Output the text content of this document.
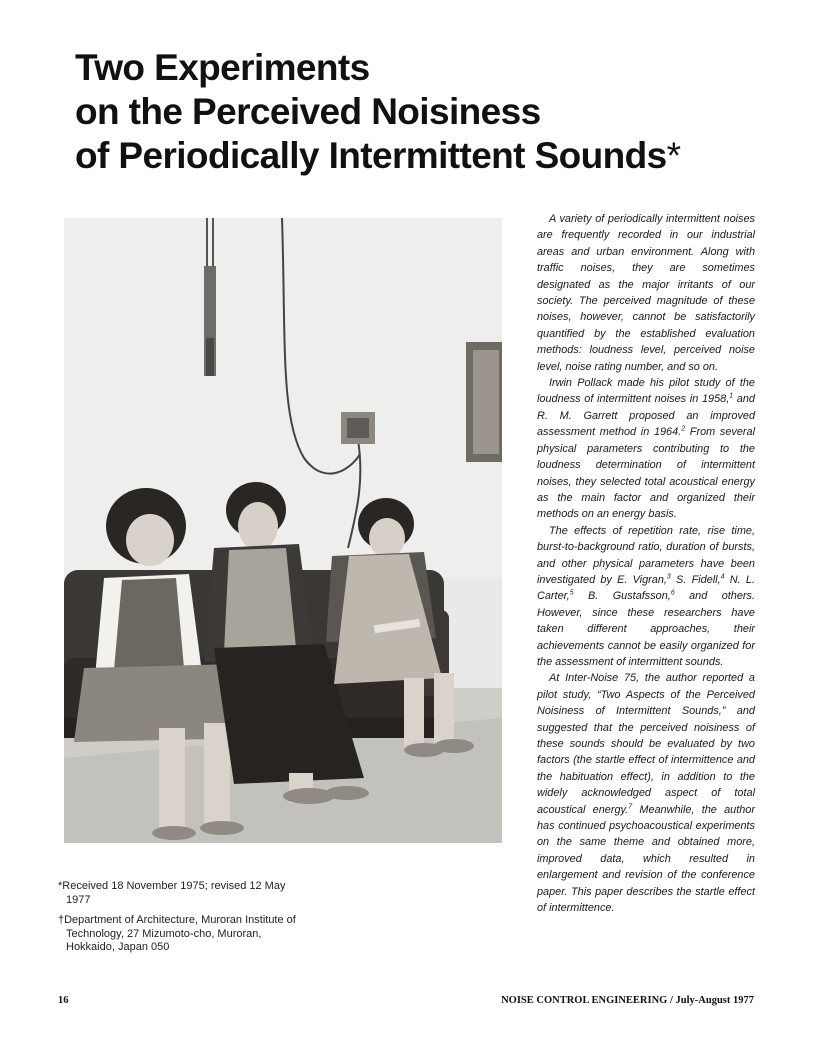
Two Experiments
on the Perceived Noisiness
of Periodically Intermittent Sounds*

A variety of periodically intermittent noises are frequently recorded in our industrial areas and urban environment. Along with traffic noises, they are sometimes designated as the major irritants of our society. The perceived magnitude of these noises, however, cannot be satisfactorily quantified by the established evaluation methods: loudness level, perceived noise level, noise rating number, and so on.

Irwin Pollack made his pilot study of the loudness of intermittent noises in 1958,$^1$ and R. M. Garrett proposed an improved assessment method in 1964.$^2$ From several physical parameters contributing to the loudness determination of intermittent noises, they selected total acoustical energy as the main factor and organized their methods on an energy basis.

The effects of repetition rate, rise time, burst-to-background ratio, duration of bursts, and other physical parameters have been investigated by E. Vigran,$^3$ S. Fidell,$^4$ N. L. Carter,$^5$ B. Gustafsson,$^6$ and others. However, since these researchers have taken different approaches, their achievements cannot be easily organized for the assessment of intermittent sounds.

At Inter-Noise 75, the author reported a pilot study, “Two Aspects of the Perceived Noisiness of Intermittent Sounds,” and suggested that the perceived noisiness of these sounds should be evaluated by two factors (the startle effect of intermittence and the habituation effect), in addition to the widely acknowledged aspect of total acoustical energy.$^7$ Meanwhile, the author has continued psychoacoustical experiments on the same theme and obtained more, improved data, which resulted in enlargement and revision of the conference paper. This paper describes the startle effect of intermittence.

*Received 18 November 1975; revised 12 May 1977

†Department of Architecture, Muroran Institute of Technology, 27 Mizumoto-cho, Muroran, Hokkaido, Japan 050

16	NOISE CONTROL ENGINEERING / July-August 1977
